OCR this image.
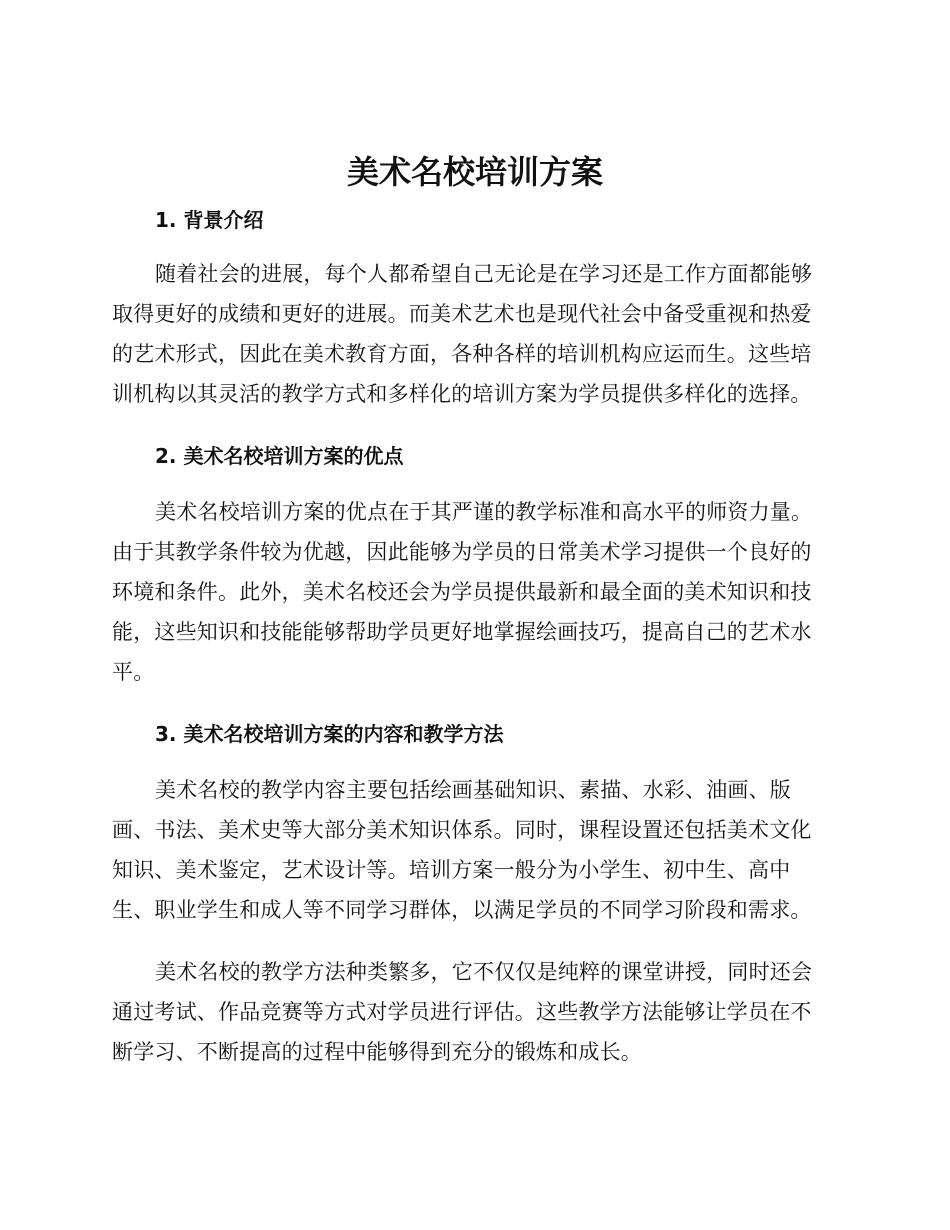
美术名校培训方案
1. 背景介绍

随着社会的进展，每个人都希望自己无论是在学习还是工作方面都能够
取得更好的成绩和更好的进展。而美术艺术也是现代社会中备受重视和热爱
的艺术形式，因此在美术教育方面，各种各样的培训机构应运而生。这些培
训机构以其灵活的教学方式和多样化的培训方案为学员提供多样化的选择。

2. 美术名校培训方案的优点

美术名校培训方案的优点在于其严谨的教学标准和高水平的师资力量。
由于其教学条件较为优越，因此能够为学员的日常美术学习提供一个良好的
环境和条件。此外，美术名校还会为学员提供最新和最全面的美术知识和技
能，这些知识和技能能够帮助学员更好地掌握绘画技巧，提高自己的艺术水
平。

3. 美术名校培训方案的内容和教学方法

美术名校的教学内容主要包括绘画基础知识、素描、水彩、油画、版
画、书法、美术史等大部分美术知识体系。同时，课程设置还包括美术文化
知识、美术鉴定，艺术设计等。培训方案一般分为小学生、初中生、高中
生、职业学生和成人等不同学习群体，以满足学员的不同学习阶段和需求。

美术名校的教学方法种类繁多，它不仅仅是纯粹的课堂讲授，同时还会
通过考试、作品竞赛等方式对学员进行评估。这些教学方法能够让学员在不
断学习、不断提高的过程中能够得到充分的锻炼和成长。
